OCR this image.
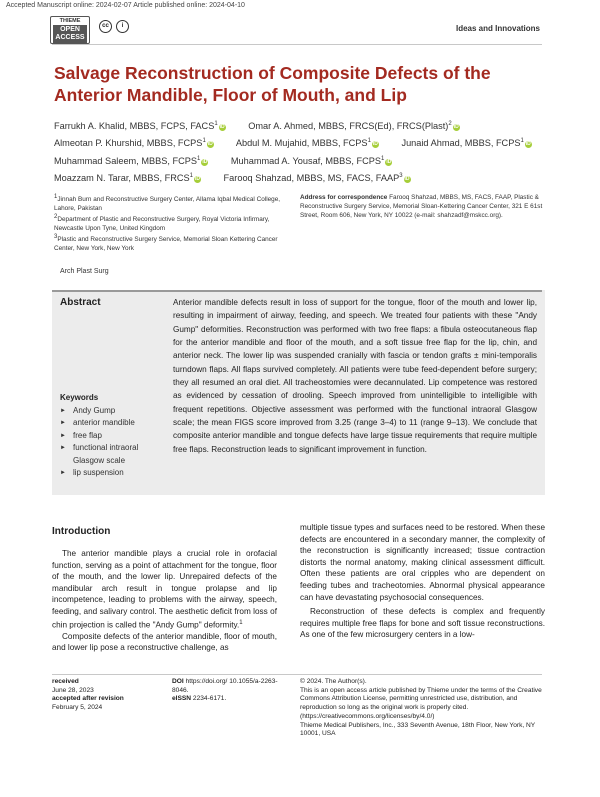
Accepted Manuscript online: 2024-02-07 Article published online: 2024-04-10
THIEME
OPEN ACCESS
cc	i	Ideas and Innovations
Salvage Reconstruction of Composite Defects of the Anterior Mandible, Floor of Mouth, and Lip
Farrukh A. Khalid, MBBS, FCPS, FACS$^1$iD	Omar A. Ahmed, MBBS, FRCS(Ed), FRCS(Plast)$^2$iD
Almeotan P. Khurshid, MBBS, FCPS$^1$iD	Abdul M. Mujahid, MBBS, FCPS$^1$iD	Junaid Ahmad, MBBS, FCPS$^1$iD
Muhammad Saleem, MBBS, FCPS$^1$iD	Muhammad A. Yousaf, MBBS, FCPS$^1$iD
Moazzam N. Tarar, MBBS, FRCS$^1$iD	Farooq Shahzad, MBBS, MS, FACS, FAAP$^3$iD

$^1$Jinnah Burn and Reconstructive Surgery Center, Allama Iqbal Medical College, Lahore, Pakistan

$^2$Department of Plastic and Reconstructive Surgery, Royal Victoria Infirmary, Newcastle Upon Tyne, United Kingdom

$^3$Plastic and Reconstructive Surgery Service, Memorial Sloan Kettering Cancer Center, New York, New York

Address for correspondence Farooq Shahzad, MBBS, MS, FACS, FAAP, Plastic & Reconstructive Surgery Service, Memorial Sloan-Kettering Cancer Center, 321 E 61st Street, Room 606, New York, NY 10022 (e-mail: shahzadf@mskcc.org).
Arch Plast Surg
Abstract	Anterior mandible defects result in loss of support for the tongue, floor of the mouth and lower lip, resulting in impairment of airway, feeding, and speech. We treated four patients with these "Andy Gump" deformities. Reconstruction was performed with two free flaps: a fibula osteocutaneous flap for the anterior mandible and floor of the mouth, and a soft tissue free flap for the lip, chin, and anterior neck. The lower lip was suspended cranially with fascia or tendon grafts ± mini-temporalis turndown flaps. All flaps survived completely. All patients were tube feed-dependent before surgery; they all resumed an oral diet. All tracheostomies were decannulated. Lip competence was restored as evidenced by cessation of drooling. Speech improved from unintelligible to intelligible with frequent repetitions. Objective assessment was performed with the functional intraoral Glasgow scale; the mean FIGS score improved from 3.25 (range 3–4) to 11 (range 9–13). We conclude that composite anterior mandible and tongue defects have large tissue requirements that require multiple free flaps. Reconstruction leads to significant improvement in function.
Keywords
► Andy Gump
► anterior mandible
► free flap
► functional intraoral Glasgow scale
► lip suspension
Introduction

The anterior mandible plays a crucial role in orofacial function, serving as a point of attachment for the tongue, floor of the mouth, and the lower lip. Unrepaired defects of the mandibular arch result in tongue prolapse and lip incompetence, leading to problems with the airway, speech, feeding, and salivary control. The aesthetic deficit from loss of chin projection is called the "Andy Gump" deformity.$^1$

Composite defects of the anterior mandible, floor of mouth, and lower lip pose a reconstructive challenge, as

multiple tissue types and surfaces need to be restored. When these defects are encountered in a secondary manner, the complexity of the reconstruction is significantly increased; tissue contraction distorts the normal anatomy, making clinical assessment difficult. Often these patients are oral cripples who are dependent on feeding tubes and tracheotomies. Abnormal physical appearance can have devastating psychosocial consequences.

Reconstruction of these defects is complex and frequently requires multiple free flaps for bone and soft tissue reconstructions. As one of the few microsurgery centers in a low-

received
June 28, 2023
accepted after revision
February 5, 2024
DOI https://doi.org/ 10.1055/a-2263-8046.
eISSN 2234-6171.
© 2024. The Author(s).
This is an open access article published by Thieme under the terms of the Creative Commons Attribution License, permitting unrestricted use, distribution, and reproduction so long as the original work is properly cited. (https://creativecommons.org/licenses/by/4.0/)
Thieme Medical Publishers, Inc., 333 Seventh Avenue, 18th Floor, New York, NY 10001, USA
